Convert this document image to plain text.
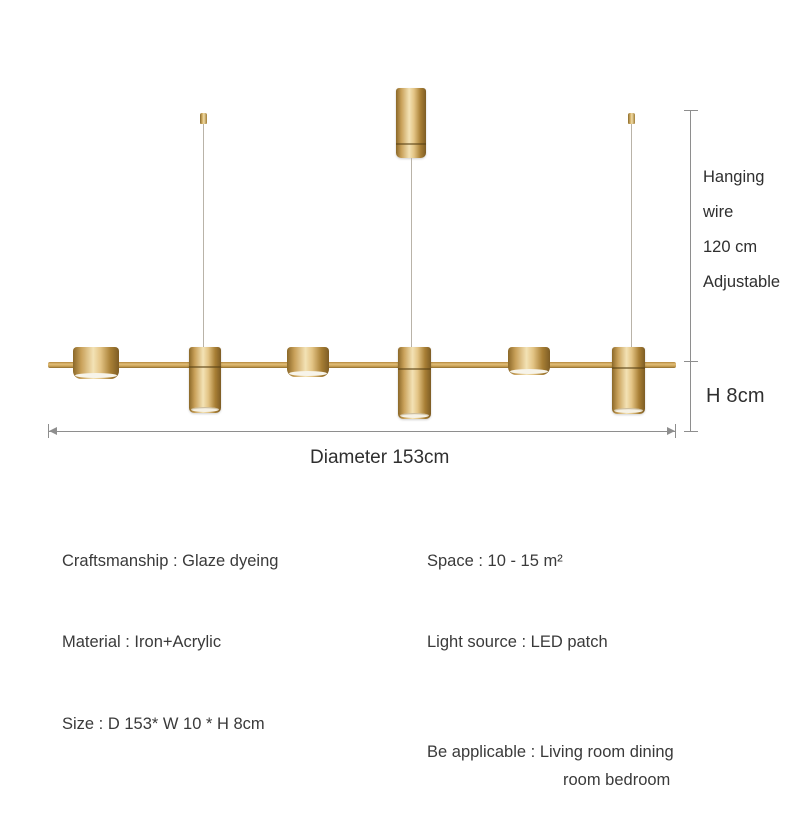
Hanging
wire
120 cm
Adjustable
H 8cm
Diameter 153cm
Craftsmanship : Glaze dyeing
Material : Iron+Acrylic
Size : D 153* W 10 * H 8cm
Space : 10 - 15 m²
Light source : LED patch

Be applicable : Living room dining

room bedroom
